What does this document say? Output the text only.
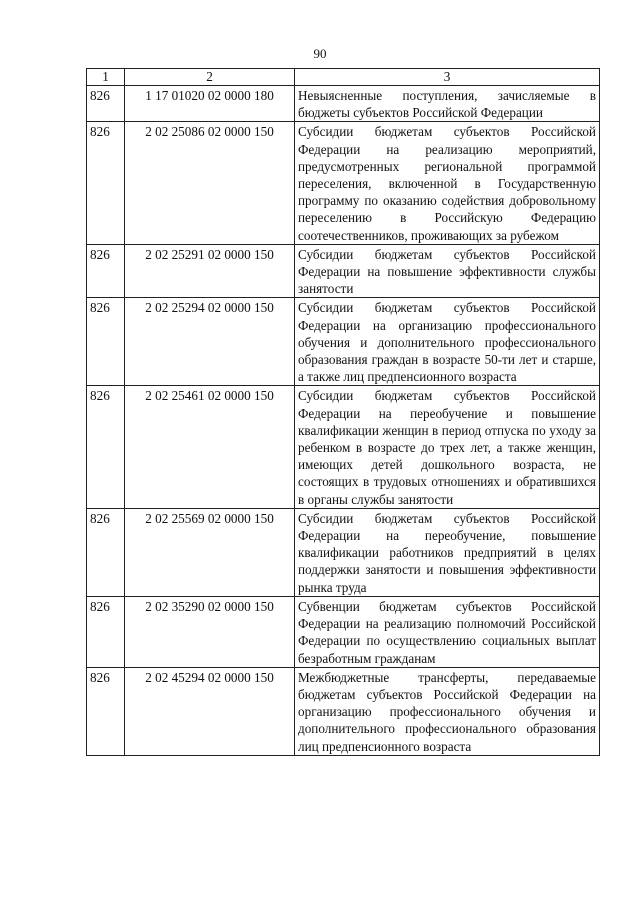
90
1	2	3
826	1 17 01020 02 0000 180	Невыясненные поступления, зачисляемые в бюджеты субъектов Российской Федерации
826	2 02 25086 02 0000 150	Субсидии бюджетам субъектов Российской Федерации на реализацию мероприятий, предусмотренных региональной программой переселения, включенной в Государственную программу по оказанию содействия добровольному переселению в Российскую Федерацию соотечественников, проживающих за рубежом
826	2 02 25291 02 0000 150	Субсидии бюджетам субъектов Российской Федерации на повышение эффективности службы занятости
826	2 02 25294 02 0000 150	Субсидии бюджетам субъектов Российской Федерации на организацию профессионального обучения и дополнительного профессионального образования граждан в возрасте 50-ти лет и старше, а также лиц предпенсионного возраста
826	2 02 25461 02 0000 150	Субсидии бюджетам субъектов Российской Федерации на переобучение и повышение квалификации женщин в период отпуска по уходу за ребенком в возрасте до трех лет, а также женщин, имеющих детей дошкольного возраста, не состоящих в трудовых отношениях и обратившихся в органы службы занятости
826	2 02 25569 02 0000 150	Субсидии бюджетам субъектов Российской Федерации на переобучение, повышение квалификации работников предприятий в целях поддержки занятости и повышения эффективности рынка труда
826	2 02 35290 02 0000 150	Субвенции бюджетам субъектов Российской Федерации на реализацию полномочий Российской Федерации по осуществлению социальных выплат безработным гражданам
826	2 02 45294 02 0000 150	Межбюджетные трансферты, передаваемые бюджетам субъектов Российской Федерации на организацию профессионального обучения и дополнительного профессионального образования лиц предпенсионного возраста
